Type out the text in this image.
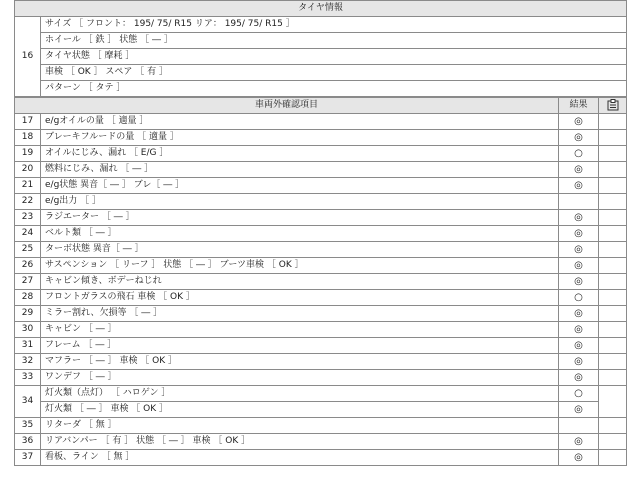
タイヤ情報
16	サイズ ［ フロント： 195/ 75/ R15 リア： 195/ 75/ R15 ］
ホイール ［ 鉄 ］ 状態 ［ ― ］
タイヤ状態 ［ 摩耗 ］
車検 ［ OK ］ スペア ［ 有 ］
パターン ［ タテ ］
車両外確認項目		結果	
17	e/gオイルの量 ［ 適量 ］	◎	
18	ブレーキフルードの量 ［ 適量 ］	◎	
19	オイルにじみ、漏れ ［ E/G ］	○	
20	燃料にじみ、漏れ ［ ― ］	◎	
21	e/g状態 異音［ ― ］ ブレ［ ― ］	◎	
22	e/g出力 ［ ］		
23	ラジエーター ［ ― ］	◎	
24	ベルト類 ［ ― ］	◎	
25	ターボ状態 異音［ ― ］	◎	
26	サスペンション ［ リーフ ］ 状態 ［ ― ］ ブーツ車検 ［ OK ］	◎	
27	キャビン傾き、ボデーねじれ	◎	
28	フロントガラスの飛石 車検 ［ OK ］	○	
29	ミラー割れ、欠損等 ［ ― ］	◎	
30	キャビン ［ ― ］	◎	
31	フレーム ［ ― ］	◎	
32	マフラー ［ ― ］ 車検 ［ OK ］	◎	
33	ワンデフ ［ ― ］	◎	
34	灯火類（点灯） ［ ハロゲン ］	○	
	灯火類 ［ ― ］ 車検 ［ OK ］	◎	
35	リターダ ［ 無 ］		
36	リアバンパー ［ 有 ］ 状態 ［ ― ］ 車検 ［ OK ］	◎	
37	看板、ライン ［ 無 ］	◎	
